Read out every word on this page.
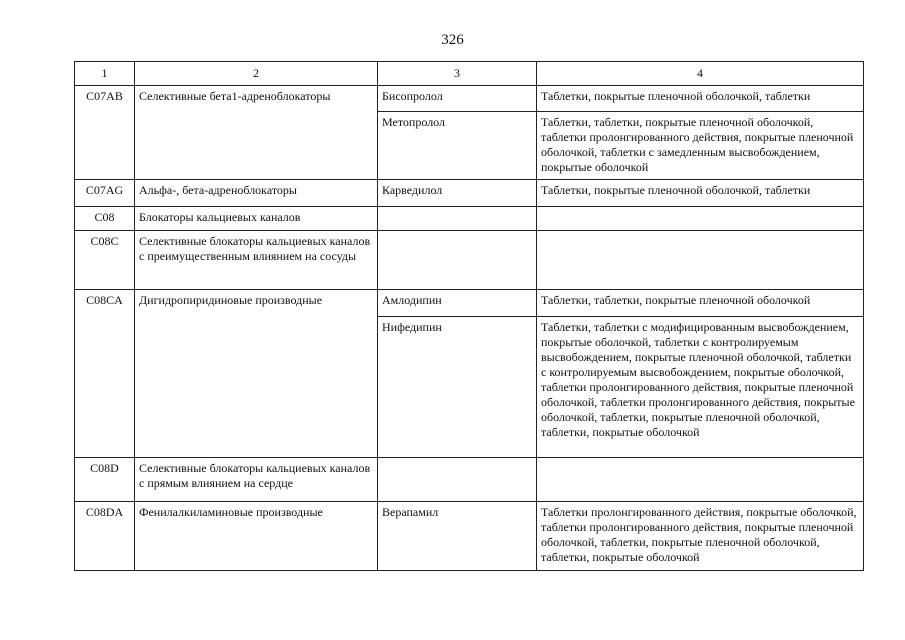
326
1	2	3	4
C07AB	Селективные бета1-адреноблокаторы	Бисопролол	Таблетки, покрытые пленочной оболочкой, таблетки
		Метопролол	Таблетки, таблетки, покрытые пленочной оболочкой, таблетки пролонгированного действия, покрытые пленочной оболочкой, таблетки с замедленным высвобождением, покрытые оболочкой
C07AG	Альфа-, бета-адреноблокаторы	Карведилол	Таблетки, покрытые пленочной оболочкой, таблетки
C08	Блокаторы кальциевых каналов		
C08C	Селективные блокаторы кальциевых каналов с преимущественным влиянием на сосуды		
C08CA	Дигидропиридиновые производные	Амлодипин	Таблетки, таблетки, покрытые пленочной оболочкой
		Нифедипин	Таблетки, таблетки с модифицированным высвобождением, покрытые оболочкой, таблетки с контролируемым высвобождением, покрытые пленочной оболочкой, таблетки с контролируемым высвобождением, покрытые оболочкой, таблетки пролонгированного действия, покрытые пленочной оболочкой, таблетки пролонгированного действия, покрытые оболочкой, таблетки, покрытые пленочной оболочкой, таблетки, покрытые оболочкой
C08D	Селективные блокаторы кальциевых каналов с прямым влиянием на сердце		
C08DA	Фенилалкиламиновые производные	Верапамил	Таблетки пролонгированного действия, покрытые оболочкой, таблетки пролонгированного действия, покрытые пленочной оболочкой, таблетки, покрытые пленочной оболочкой, таблетки, покрытые оболочкой
